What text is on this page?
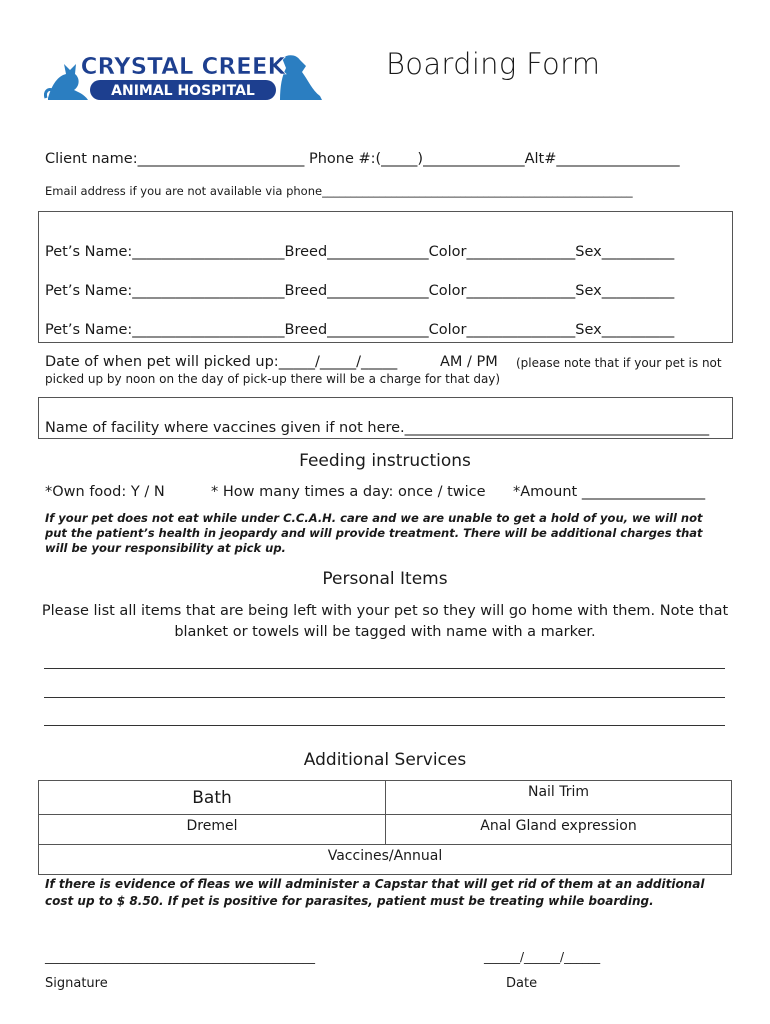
ANIMAL HOSPITAL
CRYSTAL CREEK	Boarding Form
Client name:_______________________ Phone #:(_____)______________Alt#_________________
Email address if you are not available via phone______________________________________________________
Pet’s Name:_____________________Breed______________Color_______________Sex__________
Pet’s Name:_____________________Breed______________Color_______________Sex__________
Pet’s Name:_____________________Breed______________Color_______________Sex__________
Date of when pet will picked up:_____/_____/_____	AM / PM (please note that if your pet is not
picked up by noon on the day of pick-up there will be a charge for that day)
Name of facility where vaccines given if not here.__________________________________________
Feeding instructions
*Own food: Y / N	* How many times a day: once / twice *Amount _________________
If your pet does not eat while under C.C.A.H. care and we are unable to get a hold of you, we will not put the patient’s health in jeopardy and will provide treatment. There will be additional charges that will be your responsibility at pick up.
Personal Items
Please list all items that are being left with your pet so they will go home with them. Note that blanket or towels will be tagged with name with a marker.
Additional Services
Bath	Nail Trim
Dremel	Anal Gland expression
Vaccines/Annual	
If there is evidence of fleas we will administer a Capstar that will get rid of them at an additional cost up to $ 8.50. If pet is positive for parasites, patient must be treating while boarding.
_____________________________________________
Signature
______/______/______
Date
